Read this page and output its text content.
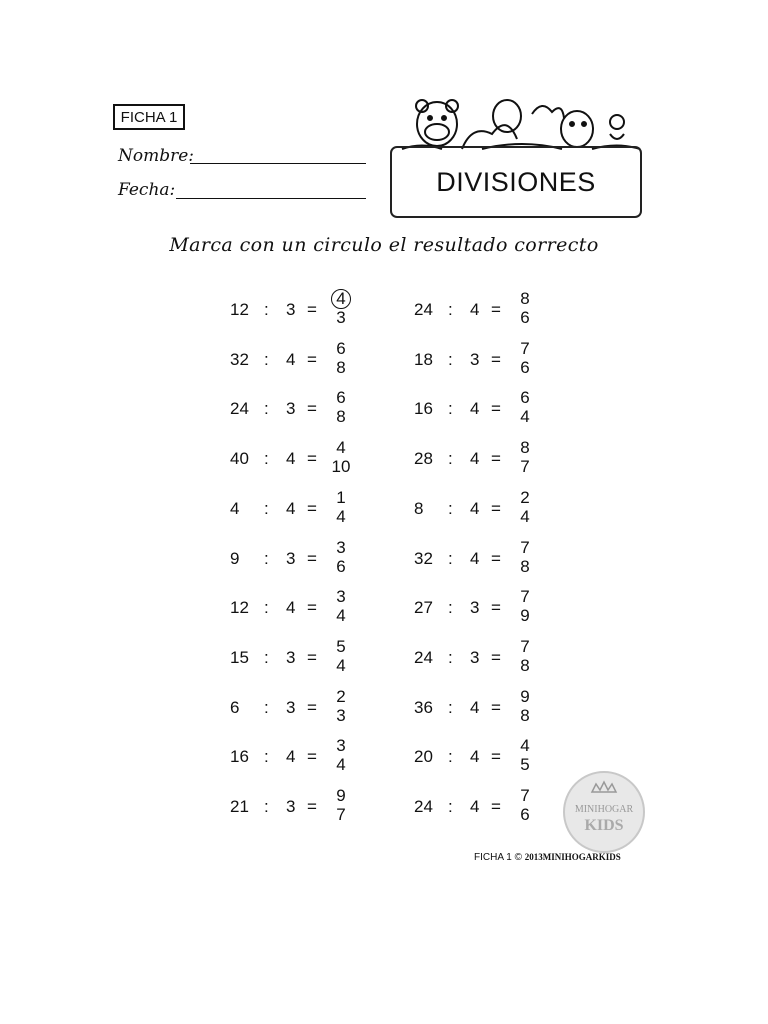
FICHA 1
Nombre:
Fecha:	DIVISIONES
Marca con un circulo el resultado correcto
12 : 3 =
4
3
32 : 4 =
6
8
24 : 3 =
6
8
40 : 4 =
4
10
4	: 4 =
1
4
9	: 3 =
3
6
12 : 4 =
3
4
15 : 3 =
5
4
6	: 3 =
2
3
16 : 4 =
3
4
21 : 3 =
9
7
24 : 4 =
8
6
18 : 3 =
7
6
16 : 4 =
6
4
28 : 4 =
8
7
8	: 4 =
2
4
32 : 4 =
7
8
27 : 3 =
7
9
24 : 3 =
7
8
36 : 4 =
9
8
20 : 4 =
4
5
24 : 4 =
7
6	MINIHOGAR
KIDS
FICHA 1 © 2013MINIHOGARKIDS
